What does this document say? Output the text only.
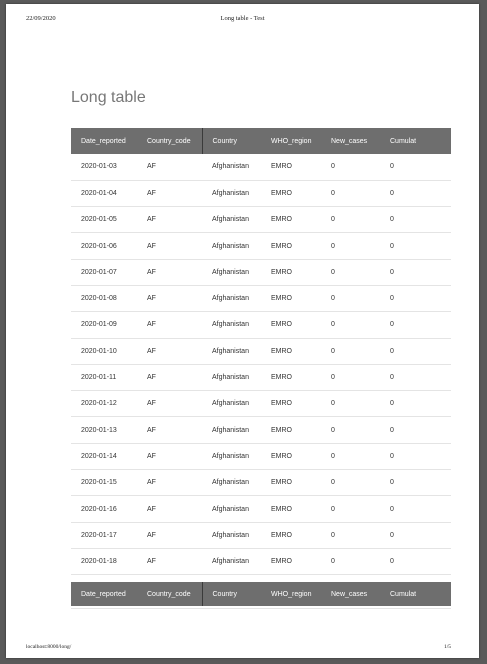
22/09/2020	Long table - Test
Long table
Date_reported	Country_code	Country	WHO_region	New_cases	Cumulat
2020-01-03	AF	Afghanistan	EMRO	0	0
2020-01-04	AF	Afghanistan	EMRO	0	0
2020-01-05	AF	Afghanistan	EMRO	0	0
2020-01-06	AF	Afghanistan	EMRO	0	0
2020-01-07	AF	Afghanistan	EMRO	0	0
2020-01-08	AF	Afghanistan	EMRO	0	0
2020-01-09	AF	Afghanistan	EMRO	0	0
2020-01-10	AF	Afghanistan	EMRO	0	0
2020-01-11	AF	Afghanistan	EMRO	0	0
2020-01-12	AF	Afghanistan	EMRO	0	0
2020-01-13	AF	Afghanistan	EMRO	0	0
2020-01-14	AF	Afghanistan	EMRO	0	0
2020-01-15	AF	Afghanistan	EMRO	0	0
2020-01-16	AF	Afghanistan	EMRO	0	0
2020-01-17	AF	Afghanistan	EMRO	0	0
2020-01-18	AF	Afghanistan	EMRO	0	0
2020-01-19	AF	Afghanistan	EMRO	0	0
Date_reported	Country_code	Country	WHO_region	New_cases	Cumulat
localhost:8000/long/	1/5
